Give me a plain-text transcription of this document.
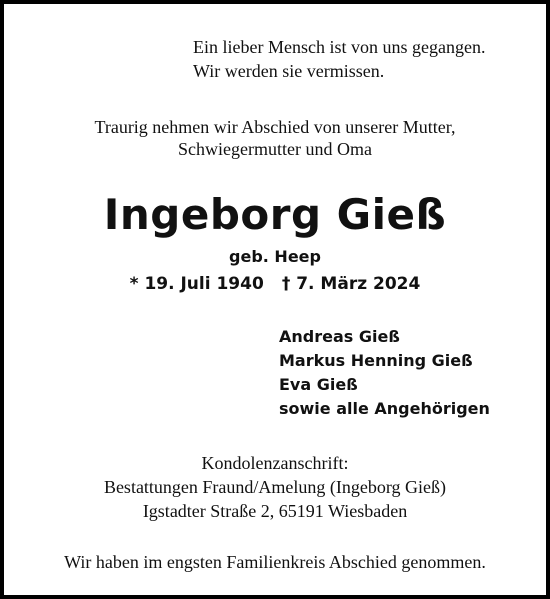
Ein lieber Mensch ist von uns gegangen.
Wir werden sie vermissen.
Traurig nehmen wir Abschied von unserer Mutter,
Schwiegermutter und Oma
Ingeborg Gieß
geb. Heep
* 19. Juli 1940 † 7. März 2024
Andreas Gieß
Markus Henning Gieß
Eva Gieß
sowie alle Angehörigen
Kondolenzanschrift:
Bestattungen Fraund/Amelung (Ingeborg Gieß)
Igstadter Straße 2, 65191 Wiesbaden
Wir haben im engsten Familienkreis Abschied genommen.
